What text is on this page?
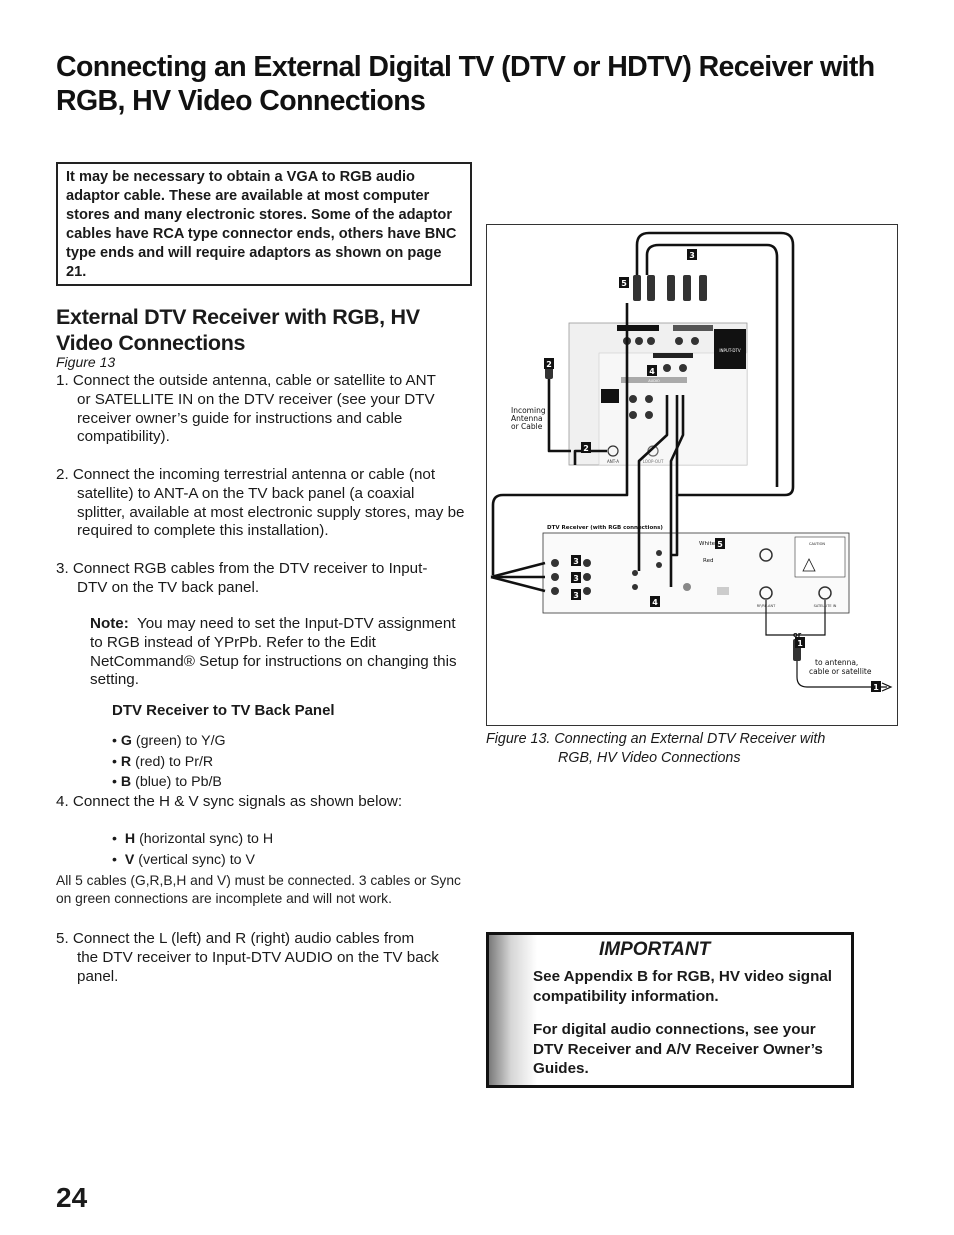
Connecting an External Digital TV (DTV or HDTV) Receiver with RGB, HV Video Connections
It may be necessary to obtain a VGA to RGB audio adaptor cable. These are available at most computer stores and many electronic stores. Some of the adaptor cables have RCA type connector ends, others have BNC type ends and will require adaptors as shown on page 21.
External DTV Receiver with RGB, HV Video Connections
Figure 13
1. Connect the outside antenna, cable or satellite to ANT
or SATELLITE IN on the DTV receiver (see your DTV receiver owner’s guide for instructions and cable compatibility).
2. Connect the incoming terrestrial antenna or cable (not
satellite) to ANT-A on the TV back panel (a coaxial splitter, available at most electronic supply stores, may be required to complete this installation).
3. Connect RGB cables from the DTV receiver to Input-
DTV on the TV back panel.
Note: You may need to set the Input-DTV assignment to RGB instead of YPrPb. Refer to the Edit NetCommand® Setup for instructions on changing this setting.
DTV Receiver to TV Back Panel
• G (green) to Y/G
• R (red) to Pr/R
• B (blue) to Pb/B
4. Connect the H & V sync signals as shown below:
•  H (horizontal sync) to H
•  V (vertical sync) to V
All 5 cables (G,R,B,H and V) must be connected. 3 cables or Sync on green connections are incomplete and will not work.
5. Connect the L (left) and R (right) audio cables from
the DTV receiver to Input-DTV AUDIO on the TV back panel.
24
INPUT-DTV
AUDIO
ANT-A	LOOP-OUT
DTV Receiver (with RGB connections)
CAUTION
RF/RF-ANT	SATELLITE IN
1
1
2
2
3
3
3
3
4
4
5
5
Incoming
Antenna
or Cable
White
Red
or
to antenna,
cable or satellite
Figure 13. Connecting an External DTV Receiver with
RGB, HV Video Connections
IMPORTANT
See Appendix B for RGB, HV video signal compatibility information.
For digital audio connections, see your DTV Receiver and A/V Receiver Owner’s Guides.
